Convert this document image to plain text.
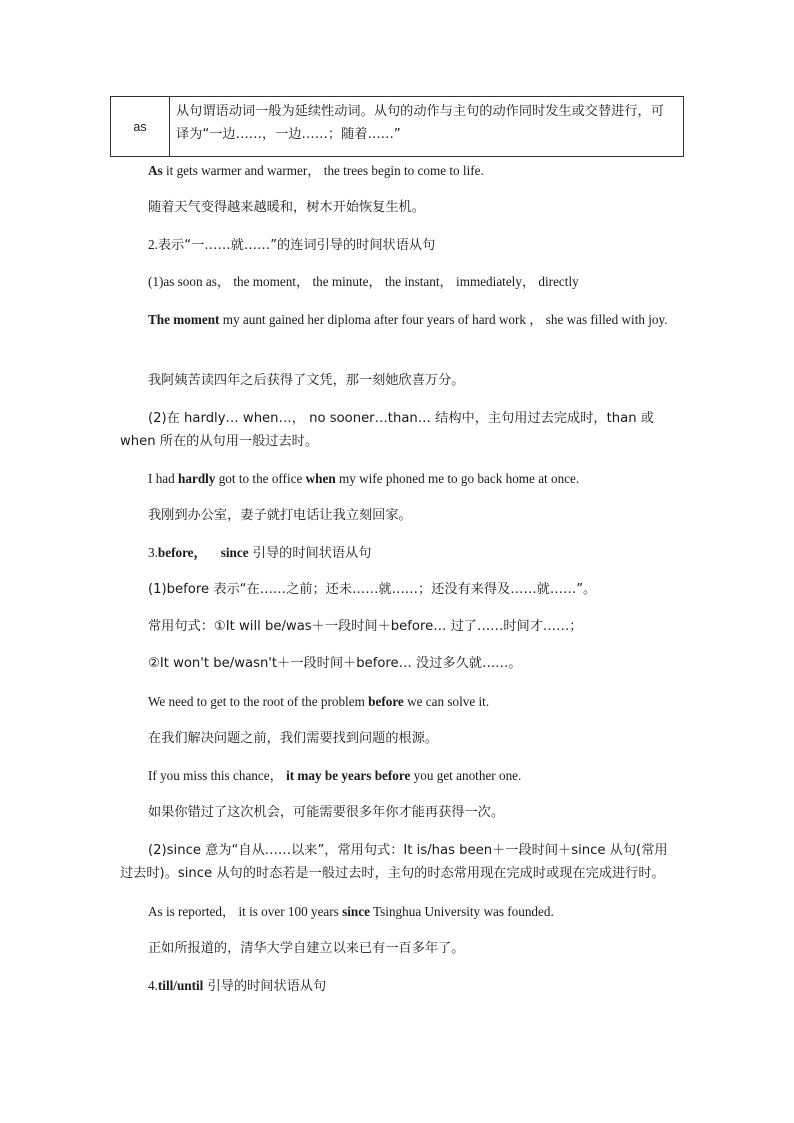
as
从句谓语动词一般为延续性动词。从句的动作与主句的动作同时发生或交替进行，可译为“一边……，一边……；随着……”
As it gets warmer and warmer， the trees begin to come to life.
随着天气变得越来越暖和，树木开始恢复生机。
2.表示“一……就……”的连词引导的时间状语从句
(1)as soon as， the moment， the minute， the instant， immediately， directly
The moment my aunt gained her diploma after four years of hard work ， she was filled with joy.
我阿姨苦读四年之后获得了文凭，那一刻她欣喜万分。
(2)在 hardly… when…， no sooner…than… 结构中，主句用过去完成时，than 或 when 所在的从句用一般过去时。
I had hardly got to the office when my wife phoned me to go back home at once.
我刚到办公室，妻子就打电话让我立刻回家。
3.before， since 引导的时间状语从句
(1)before 表示“在……之前；还未……就……；还没有来得及……就……”。
常用句式：①It will be/was＋一段时间＋before… 过了……时间才……；
②It won't be/wasn't＋一段时间＋before… 没过多久就……。
We need to get to the root of the problem before we can solve it.
在我们解决问题之前，我们需要找到问题的根源。
If you miss this chance， it may be years before you get another one.
如果你错过了这次机会，可能需要很多年你才能再获得一次。
(2)since 意为“自从……以来”，常用句式：It is/has been＋一段时间＋since 从句(常用过去时)。since 从句的时态若是一般过去时，主句的时态常用现在完成时或现在完成进行时。
As is reported， it is over 100 years since Tsinghua University was founded.
正如所报道的，清华大学自建立以来已有一百多年了。
4.till/until 引导的时间状语从句
